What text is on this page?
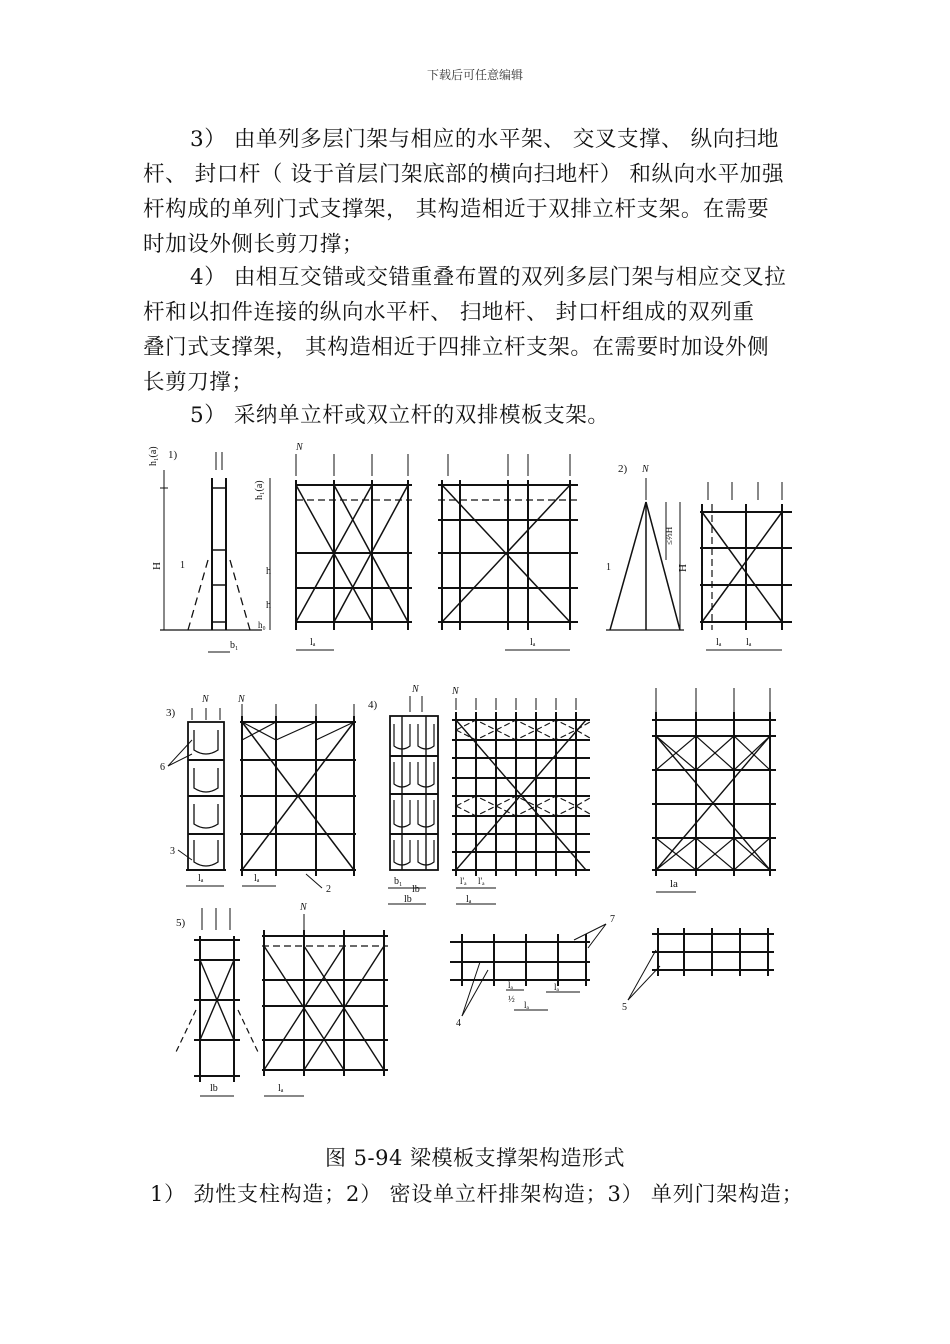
下载后可任意编辑
3） 由单列多层门架与相应的水平架、 交叉支撑、 纵向扫地
杆、 封口杆（ 设于首层门架底部的横向扫地杆） 和纵向水平加强
杆构成的单列门式支撑架， 其构造相近于双排立杆支架。在需要
时加设外侧长剪刀撑；
4） 由相互交错或交错重叠布置的双列多层门架与相应交叉拉
杆和以扣件连接的纵向水平杆、 扫地杆、 封口杆组成的双列重
叠门式支撑架， 其构造相近于四排立杆支架。在需要时加设外侧
长剪刀撑；
5） 采纳单立杆或双立杆的双排模板支架。
1)
h₁(a)
H 1
b₁
N
h₁(a)
h
h
h₀
lₐ	lₐ
2) N
1
≤⅔H
H
lₐ lₐ
3)
N
6
3
lₐ
N
2
lₐ
4)
N
b₁
lb
lb
N
l'ₐ l'ₐ
lₐ
la
5)
lb
N
lₐ
7
4
lₐ
½
lₐ
lₐ	5
图 5-94 梁模板支撑架构造形式
1） 劲性支柱构造；2） 密设单立杆排架构造；3） 单列门架构造；
